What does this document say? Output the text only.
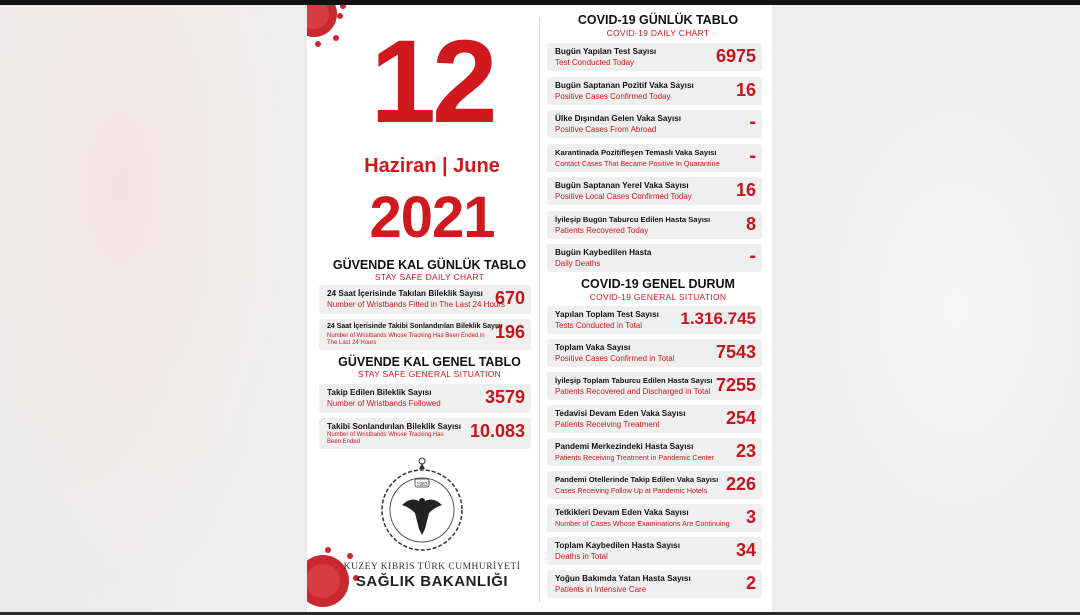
12
Haziran | June
2021
GÜVENDE KAL GÜNLÜK TABLO
STAY SAFE DAILY CHART
24 Saat İçerisinde Takılan Bileklik Sayısı
Number of Wristbands Fitted in The Last 24 Hours
670
24 Saat İçerisinde Takibi Sonlandırılan Bileklik Sayısı
Number of Wristbands Whose Tracking Has Been Ended in The Last 24 Hours
196
GÜVENDE KAL GENEL TABLO
STAY SAFE GENERAL SITUATION
Takip Edilen Bileklik Sayısı
Number of Wristbands Followed 3579
Takibi Sonlandırılan Bileklik Sayısı
Number of Wristbands Whose Tracking Has Been Ended
10.083
1983
KUZEY KIBRIS TÜRK CUMHURİYETİ
SAĞLIK BAKANLIĞI
COVID-19 GÜNLÜK TABLO
COVID-19 DAILY CHART
Bugün Yapılan Test Sayısı
Test Conducted Today	6975
Bugün Saptanan Pozitif Vaka Sayısı
Positive Cases Confirmed Today	16
Ülke Dışından Gelen Vaka Sayısı
Positive Cases From Abroad	-
Karantinada Pozitifleşen Temaslı Vaka Sayısı
Contact Cases That Became Positive In Quarantine -
Bugün Saptanan Yerel Vaka Sayısı
Positive Local Cases Confirmed Today 16
İyileşip Bugün Taburcu Edilen Hasta Sayısı
Patients Recovered Today	8
Bugün Kaybedilen Hasta
Daily Deaths	-
COVID-19 GENEL DURUM
COVID-19 GENERAL SITUATION
Yapılan Toplam Test Sayısı
Tests Conducted in Total 1.316.745
Toplam Vaka Sayısı
Positive Cases Confirmed in Total 7543
İyileşip Toplam Taburcu Edilen Hasta Sayısı
Patients Recovered and Discharged in Total 7255
Tedavisi Devam Eden Vaka Sayısı
Patients Receiving Treatment	254
Pandemi Merkezindeki Hasta Sayısı
Patients Receiving Treatment in Pandemic Center 23
Pandemi Otellerinde Takip Edilen Vaka Sayısı
Cases Receiving Follow Up at Pandemic Hotels 226
Tetkikleri Devam Eden Vaka Sayısı
Number of Cases Whose Examinations Are Continuing 3
Toplam Kaybedilen Hasta Sayısı
Deaths in Total	34
Yoğun Bakımda Yatan Hasta Sayısı
Patients in Intensive Care	2
